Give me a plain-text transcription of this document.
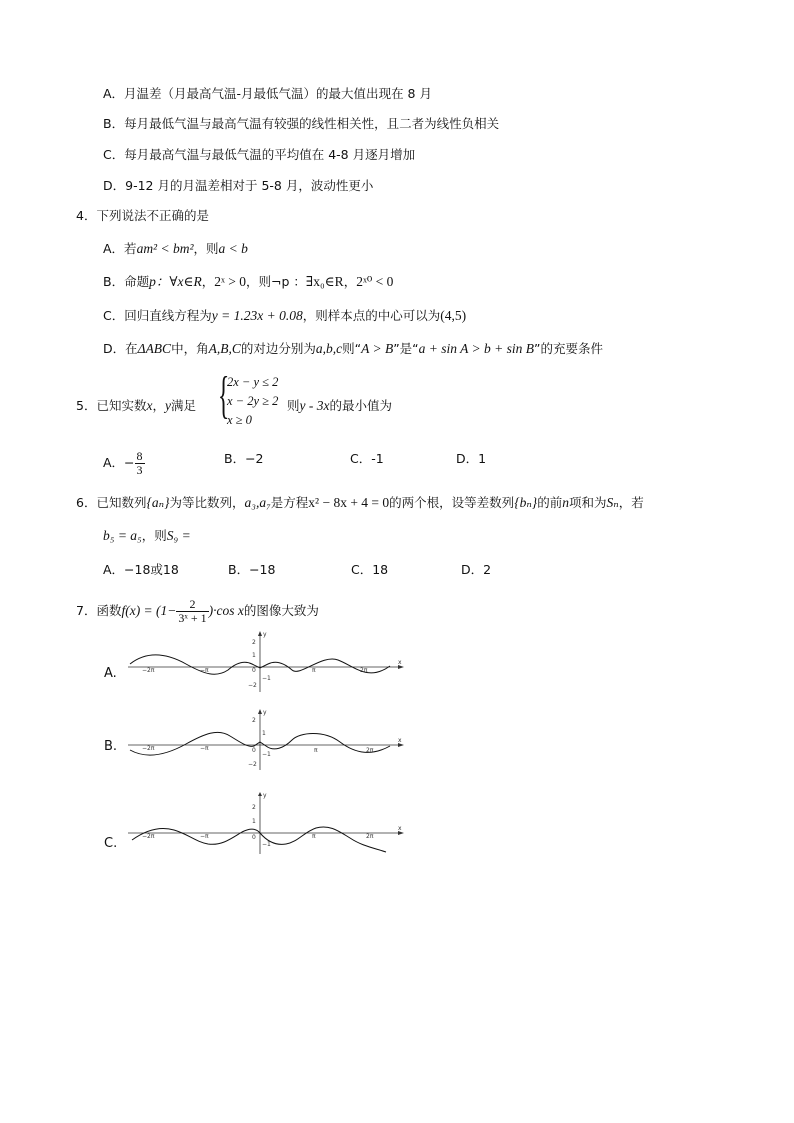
A．月温差（月最高气温-月最低气温）的最大值出现在 8 月
B．每月最低气温与最高气温有较强的线性相关性，且二者为线性负相关
C．每月最高气温与最低气温的平均值在 4-8 月逐月增加
D．9-12 月的月温差相对于 5-8 月，波动性更小
4．下列说法不正确的是
A．若am² < bm²，则a < b
B．命题p：∀x∈R，2ˣ > 0，则¬p ：∃x₀∈R，2ˣ⁰ < 0
C．回归直线方程为y = 1.23x + 0.08，则样本点的中心可以为(4,5)
D．在ΔABC中，角A,B,C的对边分别为a,b,c则“A > B”是“a + sin A > b + sin B”的充要条件
5．已知实数x，y满足 {
2x − y ≤ 2
x − 2y ≥ 2
x ≥ 0
则y - 3x的最小值为
A．− $\frac{8}{3}$	B．−2	C．-1	D．1
6．已知数列{aₙ}为等比数列，a₃,a₇是方程x² − 8x + 4 = 0的两个根，设等差数列{bₙ}的前n项和为Sₙ，若
b₅ = a₅，则S₉ =
A．−18或18	B．−18	C．18	D．2
7．函数$f(x) = (1- \frac{2}{\text{3ˣ + 1}} )\cdot\cos$ x的图像大致为
A.
x
y
2
1
−1
−2
0
−2π	−π	π	2π
B.	x
y
2
1
−1
−2
0
−2π	−π	π	2π
C.
x
y
2
1
−1
0
−2π	−π	π	2π
